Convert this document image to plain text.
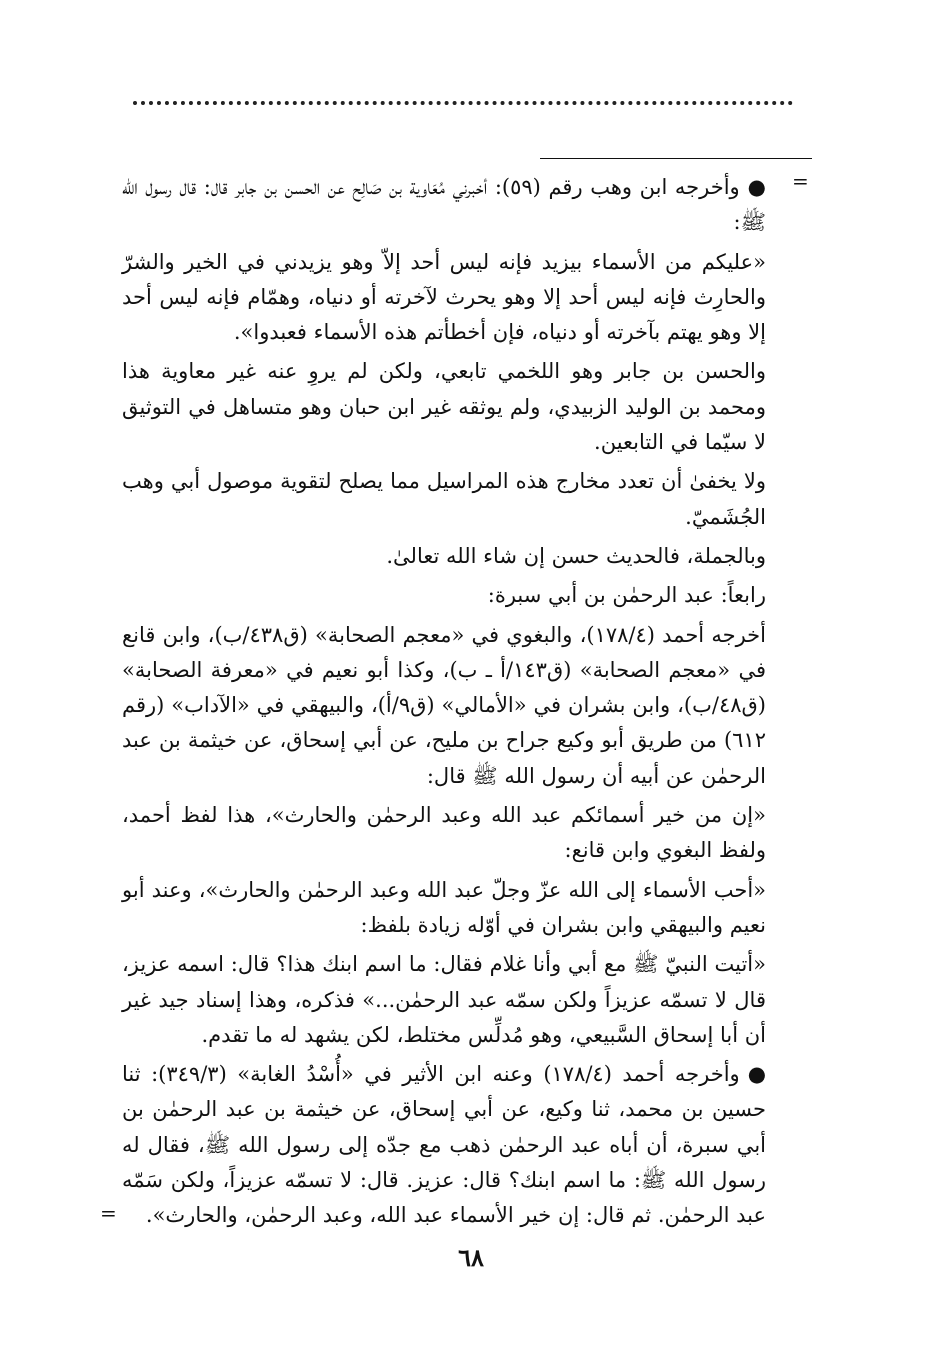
=

●وأخرجه ابن وهب رقم (٥٩): أخبرني مُعَاوية بن صَالِح عن الحسن بن جابر قال: قال رسول الله ﷺ:

«عليكم من الأسماء بيزيد فإنه ليس أحد إلاّ وهو يزيدني في الخير والشرّ والحارِث فإنه ليس أحد إلا وهو يحرث لآخرته أو دنياه، وهمّام فإنه ليس أحد إلا وهو يهتم بآخرته أو دنياه، فإن أخطأتم هذه الأسماء فعبدوا».

والحسن بن جابر وهو اللخمي تابعي، ولكن لم يروِ عنه غير معاوية هذا ومحمد بن الوليد الزبيدي، ولم يوثقه غير ابن حبان وهو متساهل في التوثيق لا سيّما في التابعين.

ولا يخفىٰ أن تعدد مخارج هذه المراسيل مما يصلح لتقوية موصول أبي وهب الجُشَميّ.

وبالجملة، فالحديث حسن إن شاء الله تعالىٰ.

رابعاً: عبد الرحمٰن بن أبي سبرة:

أخرجه أحمد (١٧٨/٤)، والبغوي في «معجم الصحابة» (ق٤٣٨/ب)، وابن قانع في «معجم الصحابة» (ق١٤٣/أ ـ ب)، وكذا أبو نعيم في «معرفة الصحابة» (ق٤٨/ب)، وابن بشران في «الأمالي» (ق٩/أ)، والبيهقي في «الآداب» (رقم ٦١٢) من طريق أبو وكيع جراح بن مليح، عن أبي إسحاق، عن خيثمة بن عبد الرحمٰن عن أبيه أن رسول الله ﷺ قال:

«إن من خير أسمائكم عبد الله وعبد الرحمٰن والحارث»، هذا لفظ أحمد، ولفظ البغوي وابن قانع:

«أحب الأسماء إلى الله عزّ وجلّ عبد الله وعبد الرحمٰن والحارث»، وعند أبو نعيم والبيهقي وابن بشران في أوّله زيادة بلفظ:

«أتيت النبيّ ﷺ مع أبي وأنا غلام فقال: ما اسم ابنك هذا؟ قال: اسمه عزيز، قال لا تسمّه عزيزاً ولكن سمّه عبد الرحمٰن...» فذكره، وهذا إسناد جيد غير أن أبا إسحاق السَّبيعي، وهو مُدلِّس مختلط، لكن يشهد له ما تقدم.

●وأخرجه أحمد (١٧٨/٤) وعنه ابن الأثير في «أُسْدُ الغابة» (٣٤٩/٣): ثنا حسين بن محمد، ثنا وكيع، عن أبي إسحاق، عن خيثمة بن عبد الرحمٰن بن أبي سبرة، أن أباه عبد الرحمٰن ذهب مع جدّه إلى رسول الله ﷺ، فقال له رسول الله ﷺ: ما اسم ابنك؟ قال: عزيز. قال: لا تسمّه عزيزاً، ولكن سَمّه عبد الرحمٰن. ثم قال: إن خير الأسماء عبد الله، وعبد الرحمٰن، والحارث».

=
٦٨
